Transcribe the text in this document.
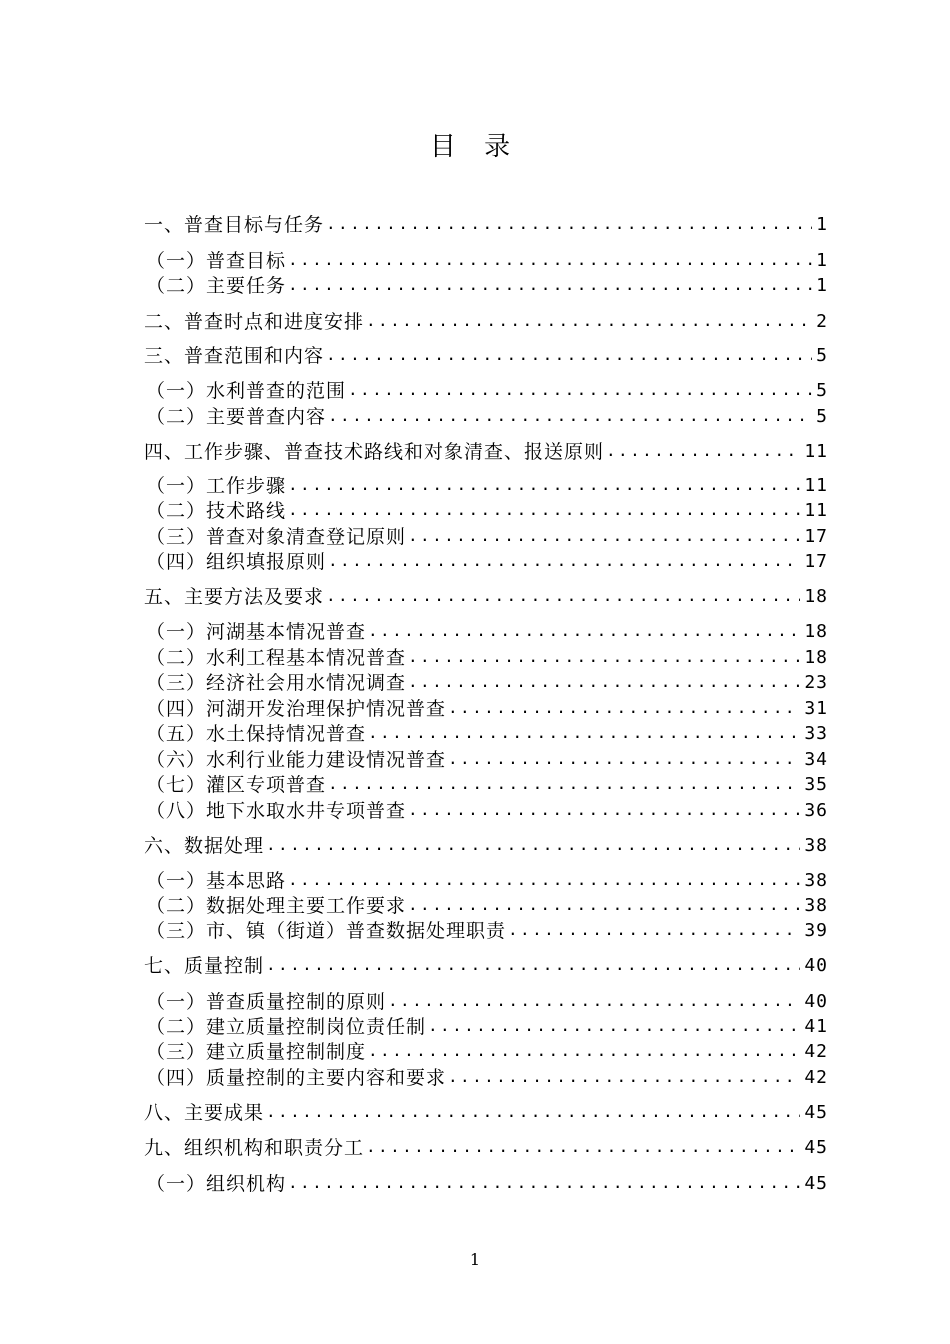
目 录
一、普查目标与任务 .....	1
（一）普查目标 .....	1
（二）主要任务 .....	1
二、普查时点和进度安排 .....	2
三、普查范围和内容 .....	5
（一）水利普查的范围 .....	5
（二）主要普查内容 .....	5
四、工作步骤、普查技术路线和对象清查、报送原则 .....	11
（一）工作步骤 .....	11
（二）技术路线 .....	11
（三）普查对象清查登记原则 .....	17
（四）组织填报原则 .....	17
五、主要方法及要求 .....	18
（一）河湖基本情况普查 .....	18
（二）水利工程基本情况普查 .....	18
（三）经济社会用水情况调查 .....	23
（四）河湖开发治理保护情况普查 .....	31
（五）水土保持情况普查 .....	33
（六）水利行业能力建设情况普查 .....	34
（七）灌区专项普查 .....	35
（八）地下水取水井专项普查 .....	36
六、数据处理 .....	38
（一）基本思路 .....	38
（二）数据处理主要工作要求 .....	38
（三）市、镇（街道）普查数据处理职责 .....	39
七、质量控制 .....	40
（一）普查质量控制的原则 .....	40
（二）建立质量控制岗位责任制 .....	41
（三）建立质量控制制度 .....	42
（四）质量控制的主要内容和要求 .....	42
八、主要成果 .....	45
九、组织机构和职责分工 .....	45
（一）组织机构 .....	45
1
